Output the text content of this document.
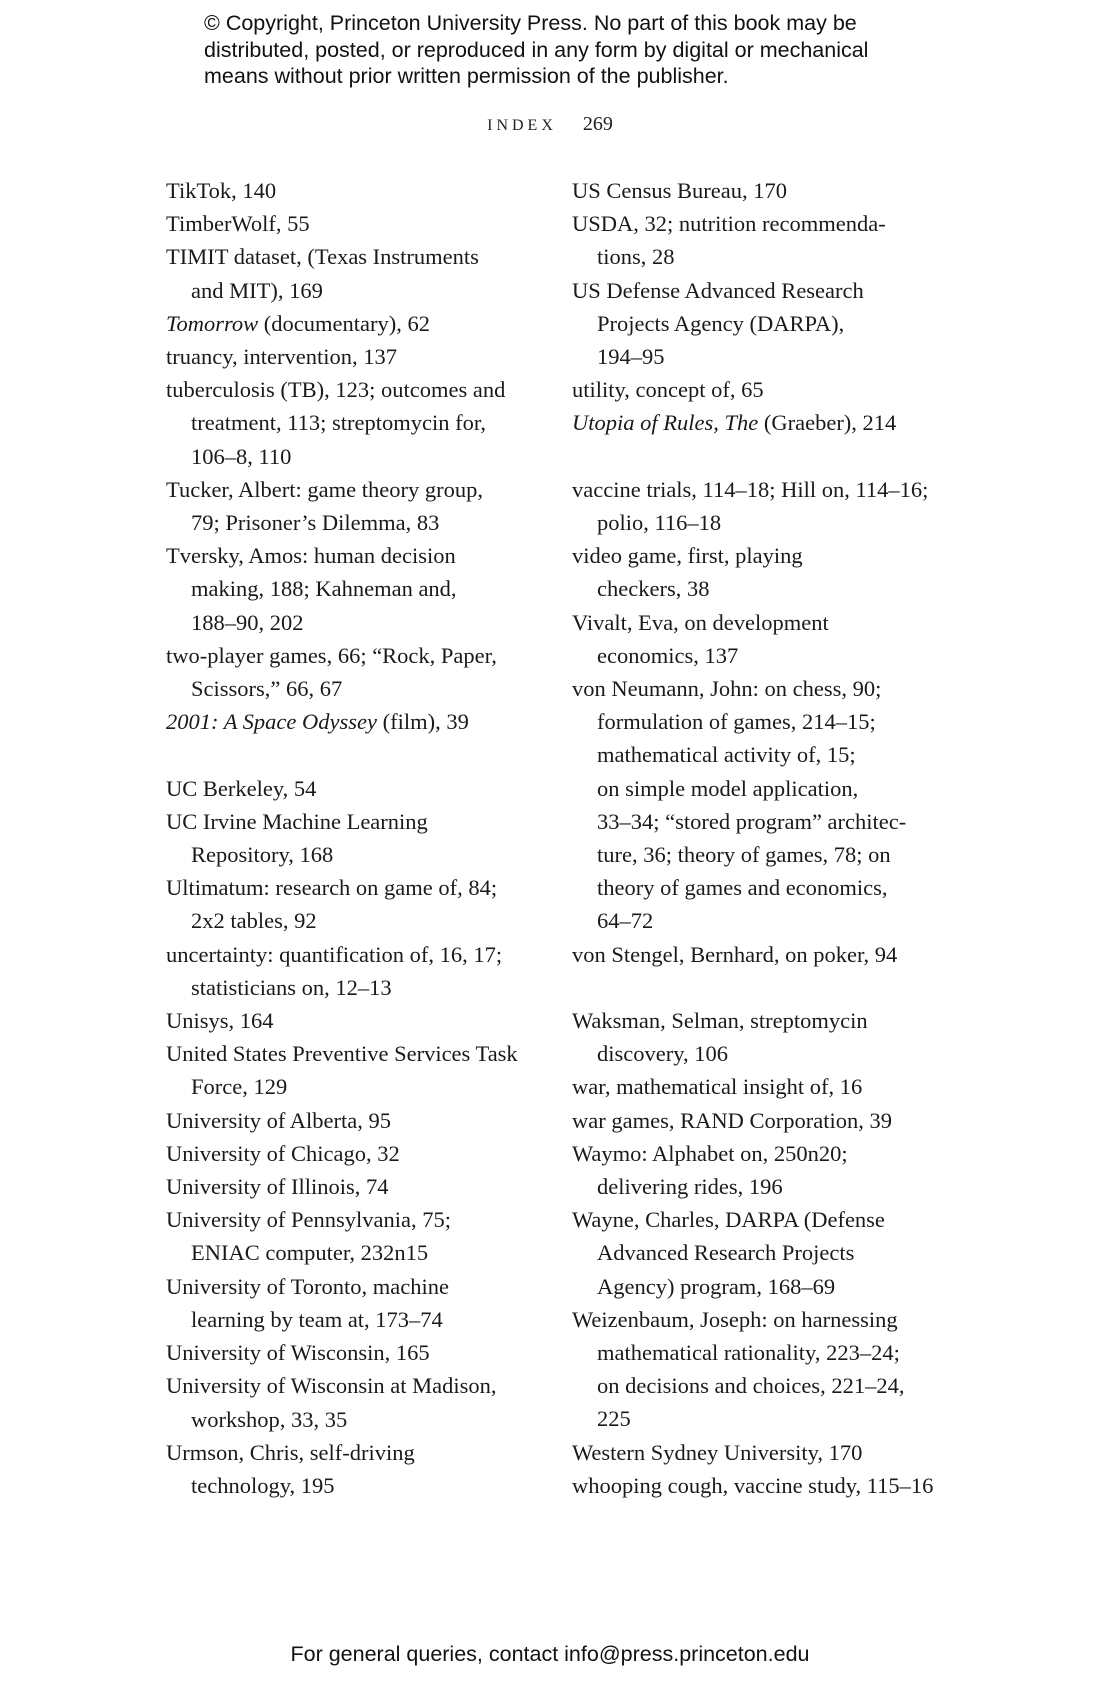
© Copyright, Princeton University Press. No part of this book may be distributed, posted, or reproduced in any form by digital or mechanical means without prior written permission of the publisher.
INDEX 269
TikTok, 140
TimberWolf, 55
TIMIT dataset, (Texas Instruments
and MIT), 169
Tomorrow (documentary), 62
truancy, intervention, 137
tuberculosis (TB), 123; outcomes and
treatment, 113; streptomycin for,
106–8, 110
Tucker, Albert: game theory group,
79; Prisoner’s Dilemma, 83
Tversky, Amos: human decision
making, 188; Kahneman and,
188–90, 202
two-player games, 66; “Rock, Paper,
Scissors,” 66, 67
2001: A Space Odyssey (film), 39
UC Berkeley, 54
UC Irvine Machine Learning
Repository, 168
Ultimatum: research on game of, 84;
2x2 tables, 92
uncertainty: quantification of, 16, 17;
statisticians on, 12–13
Unisys, 164
United States Preventive Services Task
Force, 129
University of Alberta, 95
University of Chicago, 32
University of Illinois, 74
University of Pennsylvania, 75;
ENIAC computer, 232n15
University of Toronto, machine
learning by team at, 173–74
University of Wisconsin, 165
University of Wisconsin at Madison,
workshop, 33, 35
Urmson, Chris, self-driving
technology, 195
US Census Bureau, 170
USDA, 32; nutrition recommenda-
tions, 28
US Defense Advanced Research
Projects Agency (DARPA),
194–95
utility, concept of, 65
Utopia of Rules, The (Graeber), 214
vaccine trials, 114–18; Hill on, 114–16;
polio, 116–18
video game, first, playing
checkers, 38
Vivalt, Eva, on development
economics, 137
von Neumann, John: on chess, 90;
formulation of games, 214–15;
mathematical activity of, 15;
on simple model application,
33–34; “stored program” architec-
ture, 36; theory of games, 78; on
theory of games and economics,
64–72
von Stengel, Bernhard, on poker, 94
Waksman, Selman, streptomycin
discovery, 106
war, mathematical insight of, 16
war games, RAND Corporation, 39
Waymo: Alphabet on, 250n20;
delivering rides, 196
Wayne, Charles, DARPA (Defense
Advanced Research Projects
Agency) program, 168–69
Weizenbaum, Joseph: on harnessing
mathematical rationality, 223–24;
on decisions and choices, 221–24,
225
Western Sydney University, 170
whooping cough, vaccine study, 115–16
For general queries, contact info@press.princeton.edu
